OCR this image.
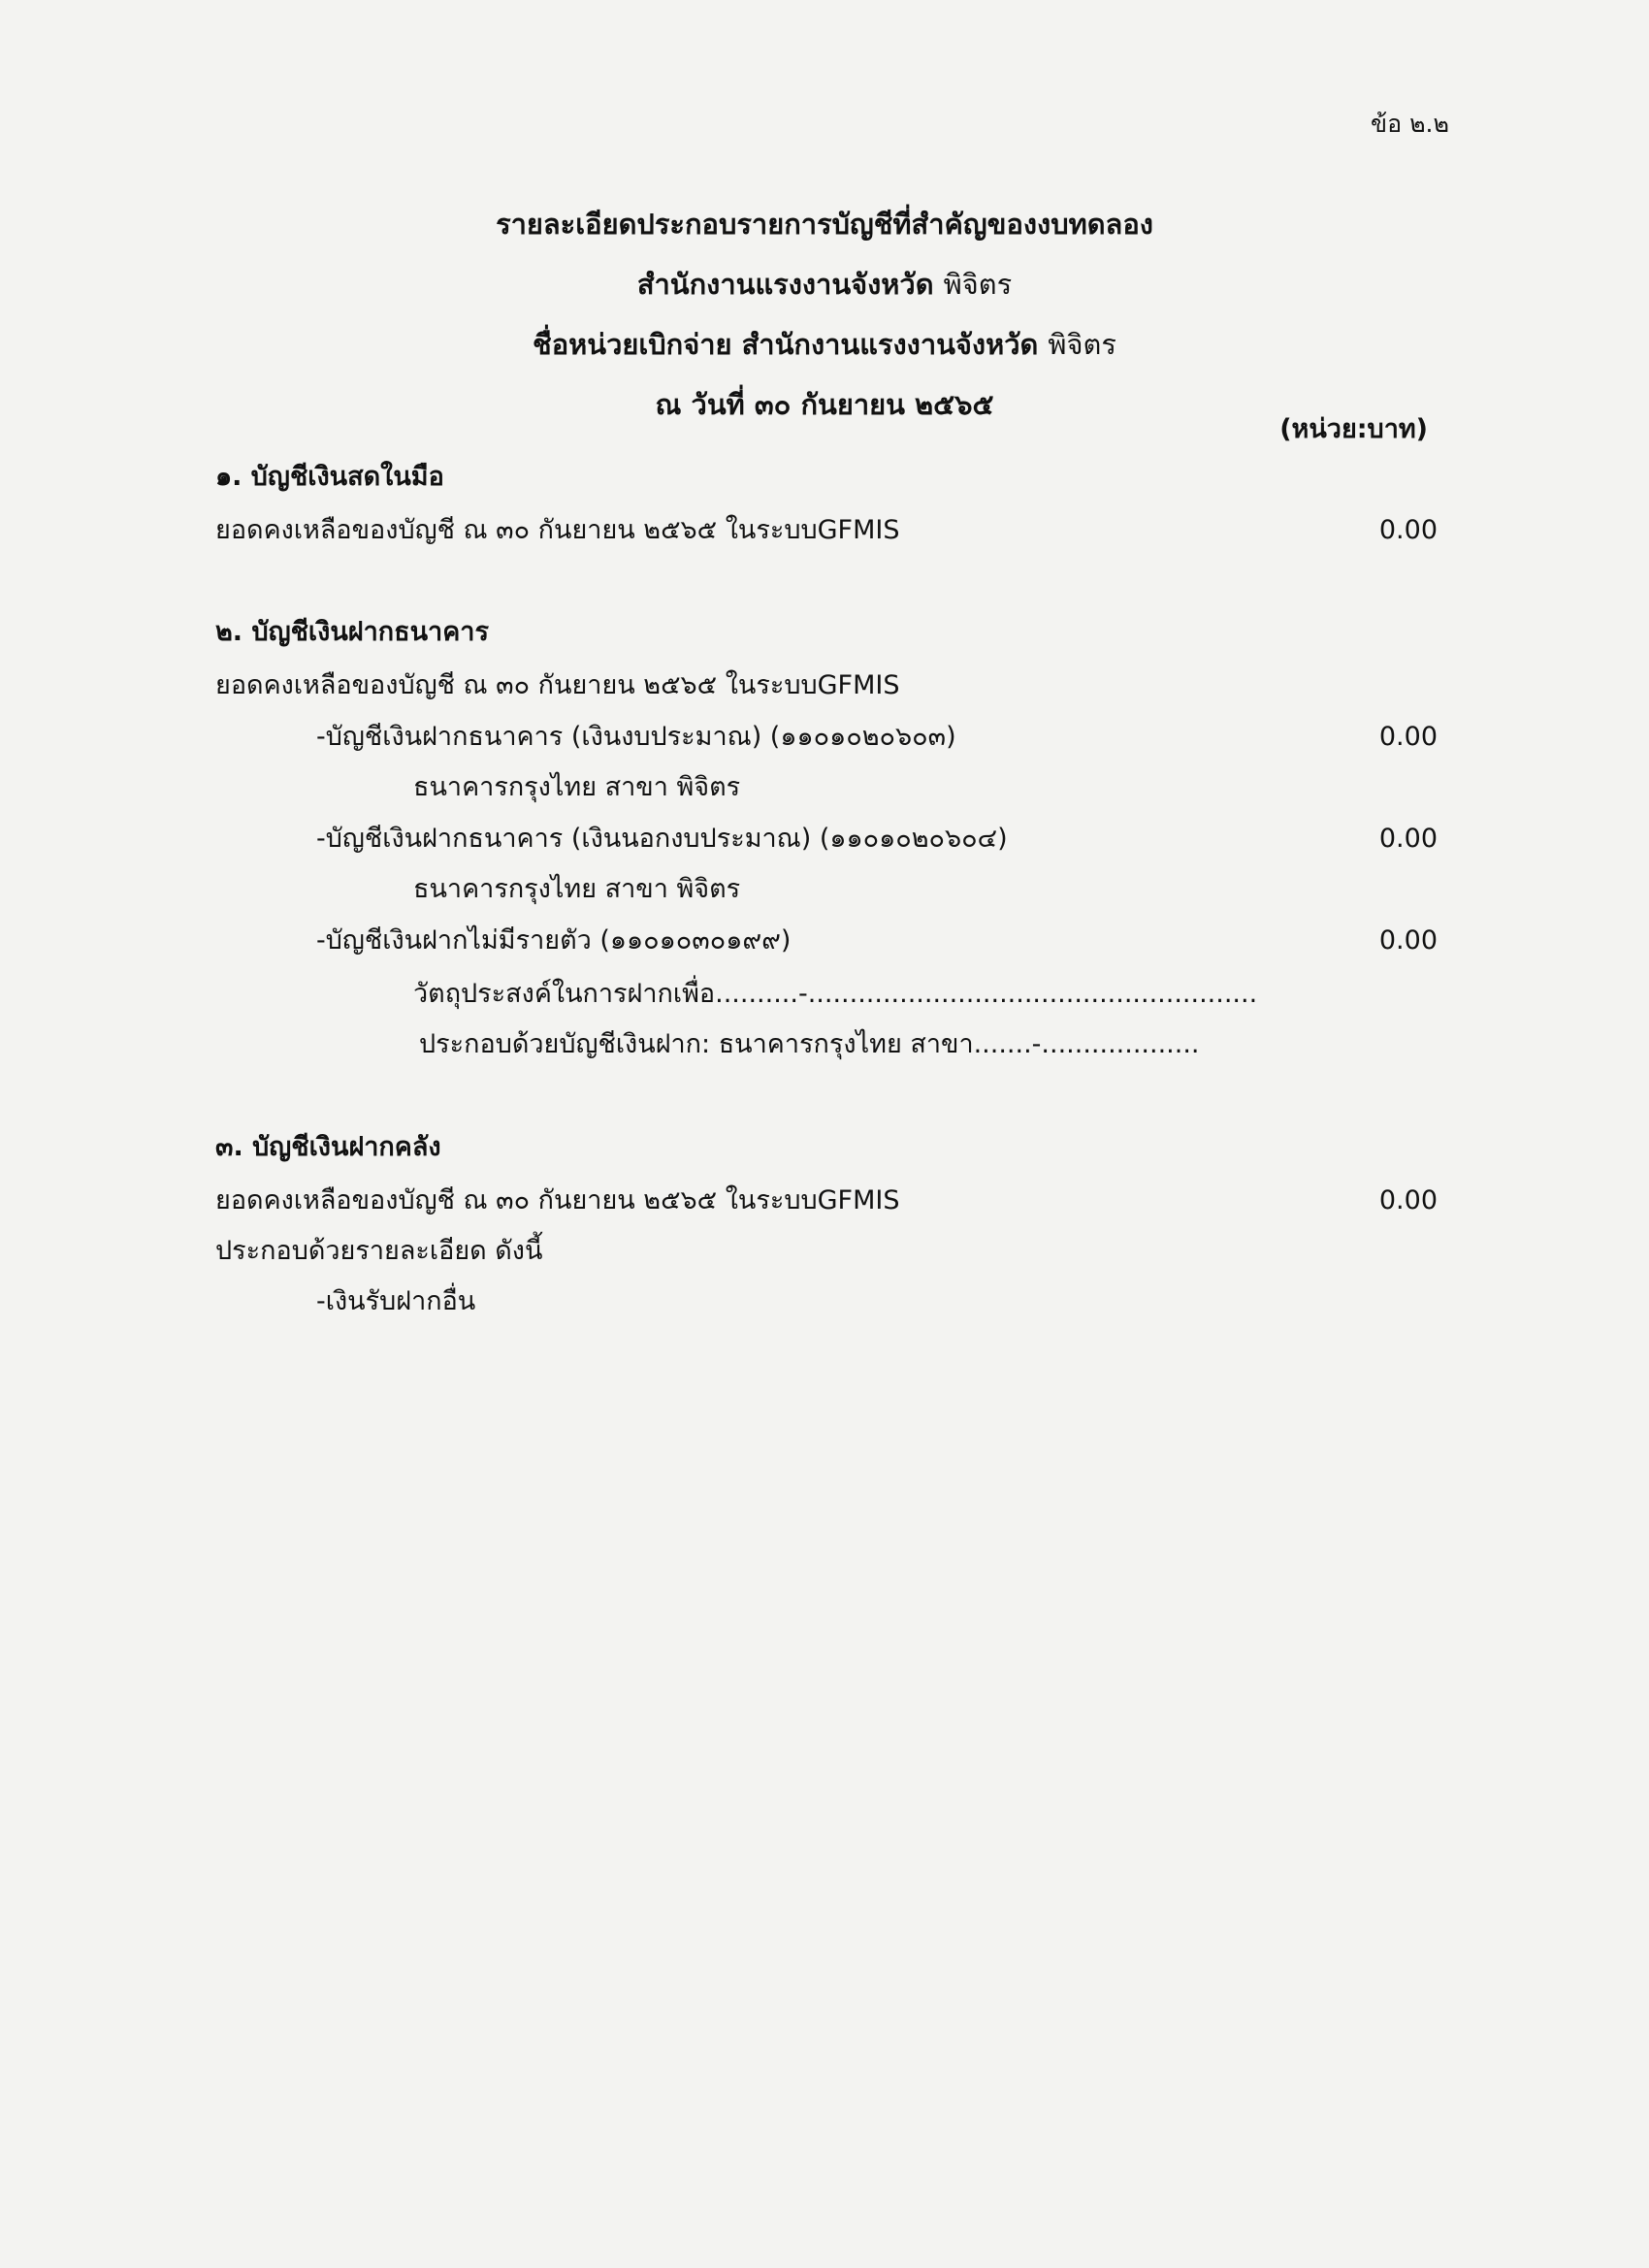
ข้อ ๒.๒
รายละเอียดประกอบรายการบัญชีที่สำคัญของงบทดลอง
สำนักงานแรงงานจังหวัด พิจิตร
ชื่อหน่วยเบิกจ่าย สำนักงานแรงงานจังหวัด พิจิตร
ณ วันที่ ๓๐ กันยายน ๒๕๖๕
(หน่วย:บาท)
๑. บัญชีเงินสดในมือ
ยอดคงเหลือของบัญชี ณ ๓๐ กันยายน ๒๕๖๕ ในระบบGFMIS	0.00
๒. บัญชีเงินฝากธนาคาร
ยอดคงเหลือของบัญชี ณ ๓๐ กันยายน ๒๕๖๕ ในระบบGFMIS
-บัญชีเงินฝากธนาคาร (เงินงบประมาณ) (๑๑๐๑๐๒๐๖๐๓)	0.00
ธนาคารกรุงไทย สาขา พิจิตร
-บัญชีเงินฝากธนาคาร (เงินนอกงบประมาณ) (๑๑๐๑๐๒๐๖๐๔)	0.00
ธนาคารกรุงไทย สาขา พิจิตร
-บัญชีเงินฝากไม่มีรายตัว (๑๑๐๑๐๓๐๑๙๙)	0.00
วัตถุประสงค์ในการฝากเพื่อ..........-......................................................
ประกอบด้วยบัญชีเงินฝาก: ธนาคารกรุงไทย สาขา.......-...................
๓. บัญชีเงินฝากคลัง
ยอดคงเหลือของบัญชี ณ ๓๐ กันยายน ๒๕๖๕ ในระบบGFMIS	0.00
ประกอบด้วยรายละเอียด ดังนี้
-เงินรับฝากอื่น
